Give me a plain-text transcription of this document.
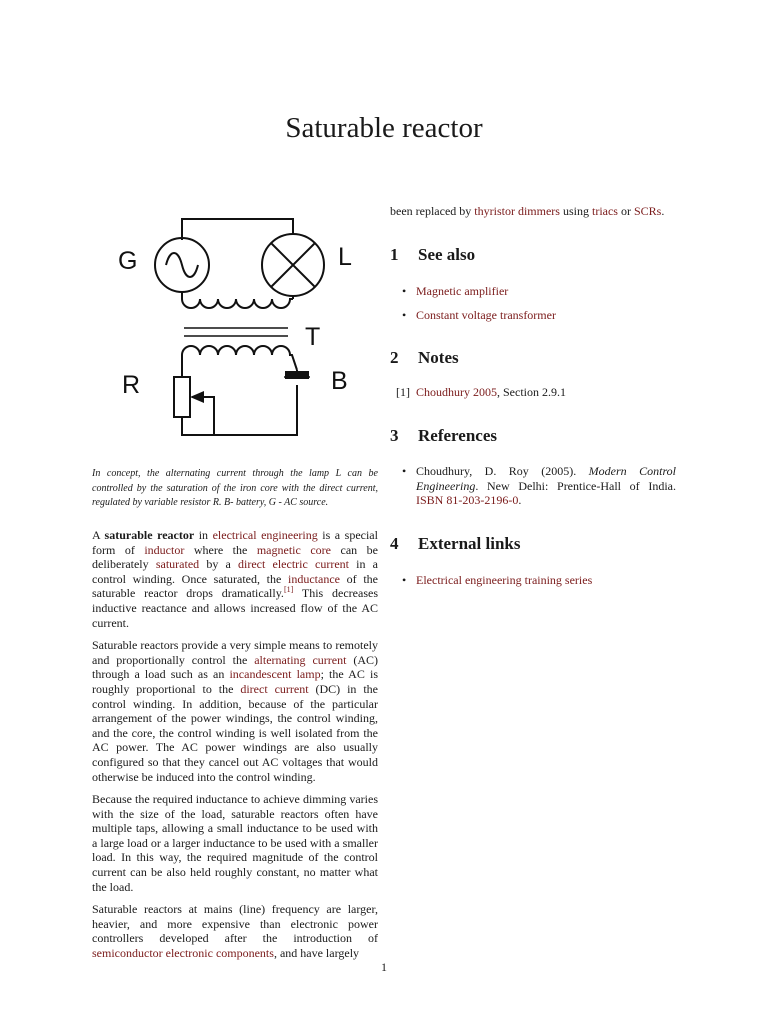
Saturable reactor
G	L
T
R	B
In concept, the alternating current through the lamp L can be controlled by the saturation of the iron core with the direct current, regulated by variable resistor R. B- battery, G - AC source.

A saturable reactor in electrical engineering is a special form of inductor where the magnetic core can be deliberately saturated by a direct electric current in a control winding. Once saturated, the inductance of the saturable reactor drops dramatically.[1] This decreases inductive reactance and allows increased flow of the AC current.

Saturable reactors provide a very simple means to remotely and proportionally control the alternating current (AC) through a load such as an incandescent lamp; the AC is roughly proportional to the direct current (DC) in the control winding. In addition, because of the particular arrangement of the power windings, the control winding, and the core, the control winding is well isolated from the AC power. The AC power windings are also usually configured so that they cancel out AC voltages that would otherwise be induced into the control winding.

Because the required inductance to achieve dimming varies with the size of the load, saturable reactors often have multiple taps, allowing a small inductance to be used with a large load or a larger inductance to be used with a smaller load. In this way, the required magnitude of the control current can be also held roughly constant, no matter what the load.

Saturable reactors at mains (line) frequency are larger, heavier, and more expensive than electronic power controllers developed after the introduction of semiconductor electronic components, and have largely

been replaced by thyristor dimmers using triacs or SCRs.

1 See also
• Magnetic amplifier
• Constant voltage transformer
2 Notes
[1] Choudhury 2005, Section 2.9.1
3 References
• Choudhury, D. Roy (2005). Modern Control Engineering. New Delhi: Prentice-Hall of India. ISBN 81-203-2196-0.
4 External links
• Electrical engineering training series
1
